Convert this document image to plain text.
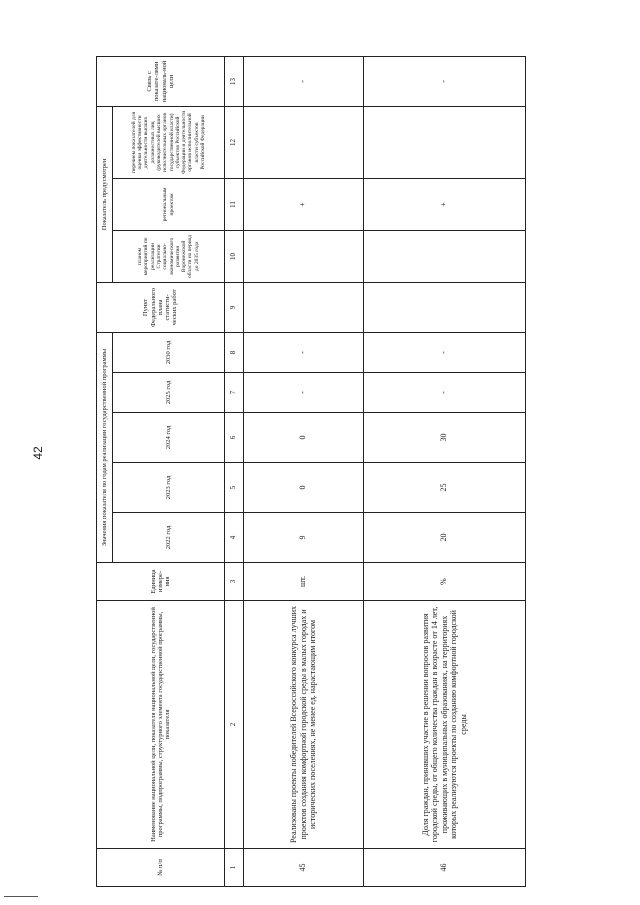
42
№ п/п	Наименование национальной цели, показателя национальной цели, государственной программы, подпрограммы, структурного элемента государственной программы, показателя	Единица измере-ния	Значения показателя по годам реализации государственной программы					Пункт Федерального плана статисти-ческих работ	Показатель предусмотрен			Связь с показате-лями националь-ной цели
			2022 год	2023 год	2024 год	2025 год	2030 год		планом мероприятий по реализации Стратегии социально-экономического развития Воронежской области на период до 2035 года	региональным проектом	перечнем показателей для оценки эффективности деятельности высших должностных лиц (руководителей высших исполнительных органов государственной власти) субъектов Российской Федерации и деятельности органов исполнительной власти субъектов Российской Федерации	
1	2	3	4	5	6	7	8	9	10	11	12	13
45	Реализованы проекты победителей Всероссийского конкурса лучших проектов создания комфортной городской среды в малых городах и исторических поселениях, не менее ед. нарастающим итогом	шт.	9	0	0	-	-			+		-
46	Доля граждан, принявших участие в решении вопросов развития городской среды, от общего количества граждан в возрасте от 14 лет, проживающих в муниципальных образованиях, на территориях которых реализуются проекты по созданию комфортной городской среды	%	20	25	30	-	-			+		-
